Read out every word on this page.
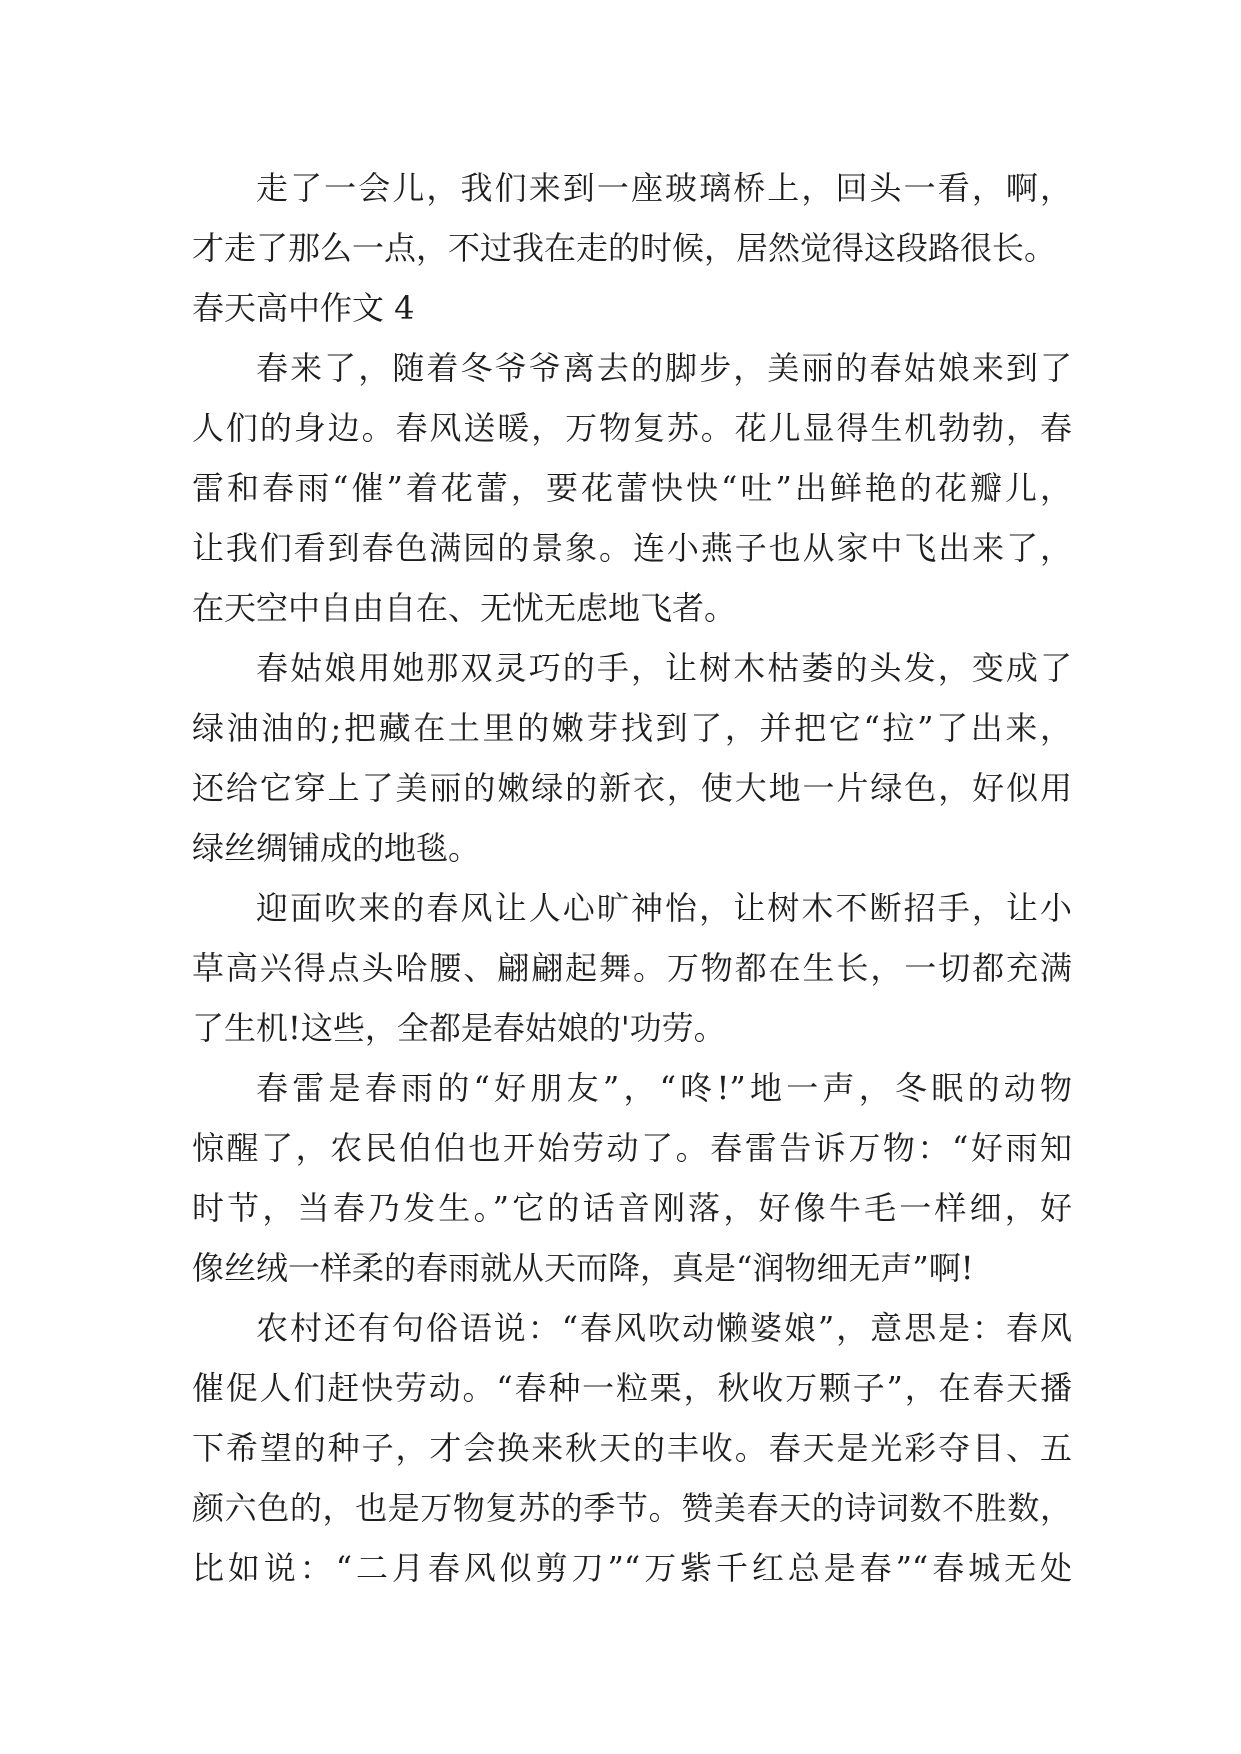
走了一会儿，我们来到一座玻璃桥上，回头一看，啊，
才走了那么一点，不过我在走的时候，居然觉得这段路很长。
春天高中作文 4
春来了，随着冬爷爷离去的脚步，美丽的春姑娘来到了
人们的身边。春风送暖，万物复苏。花儿显得生机勃勃，春
雷和春雨“催”着花蕾，要花蕾快快“吐”出鲜艳的花瓣儿，
让我们看到春色满园的景象。连小燕子也从家中飞出来了，
在天空中自由自在、无忧无虑地飞者。
春姑娘用她那双灵巧的手，让树木枯萎的头发，变成了
绿油油的;把藏在土里的嫩芽找到了，并把它“拉”了出来，
还给它穿上了美丽的嫩绿的新衣，使大地一片绿色，好似用
绿丝绸铺成的地毯。
迎面吹来的春风让人心旷神怡，让树木不断招手，让小
草高兴得点头哈腰、翩翩起舞。万物都在生长，一切都充满
了生机!这些，全都是春姑娘的'功劳。
春雷是春雨的“好朋友”，“咚!”地一声，冬眠的动物
惊醒了，农民伯伯也开始劳动了。春雷告诉万物：“好雨知
时节，当春乃发生。”它的话音刚落，好像牛毛一样细，好
像丝绒一样柔的春雨就从天而降，真是“润物细无声”啊!
农村还有句俗语说：“春风吹动懒婆娘”，意思是：春风
催促人们赶快劳动。“春种一粒栗，秋收万颗子”，在春天播
下希望的种子，才会换来秋天的丰收。春天是光彩夺目、五
颜六色的，也是万物复苏的季节。赞美春天的诗词数不胜数，
比如说：“二月春风似剪刀”“万紫千红总是春”“春城无处
